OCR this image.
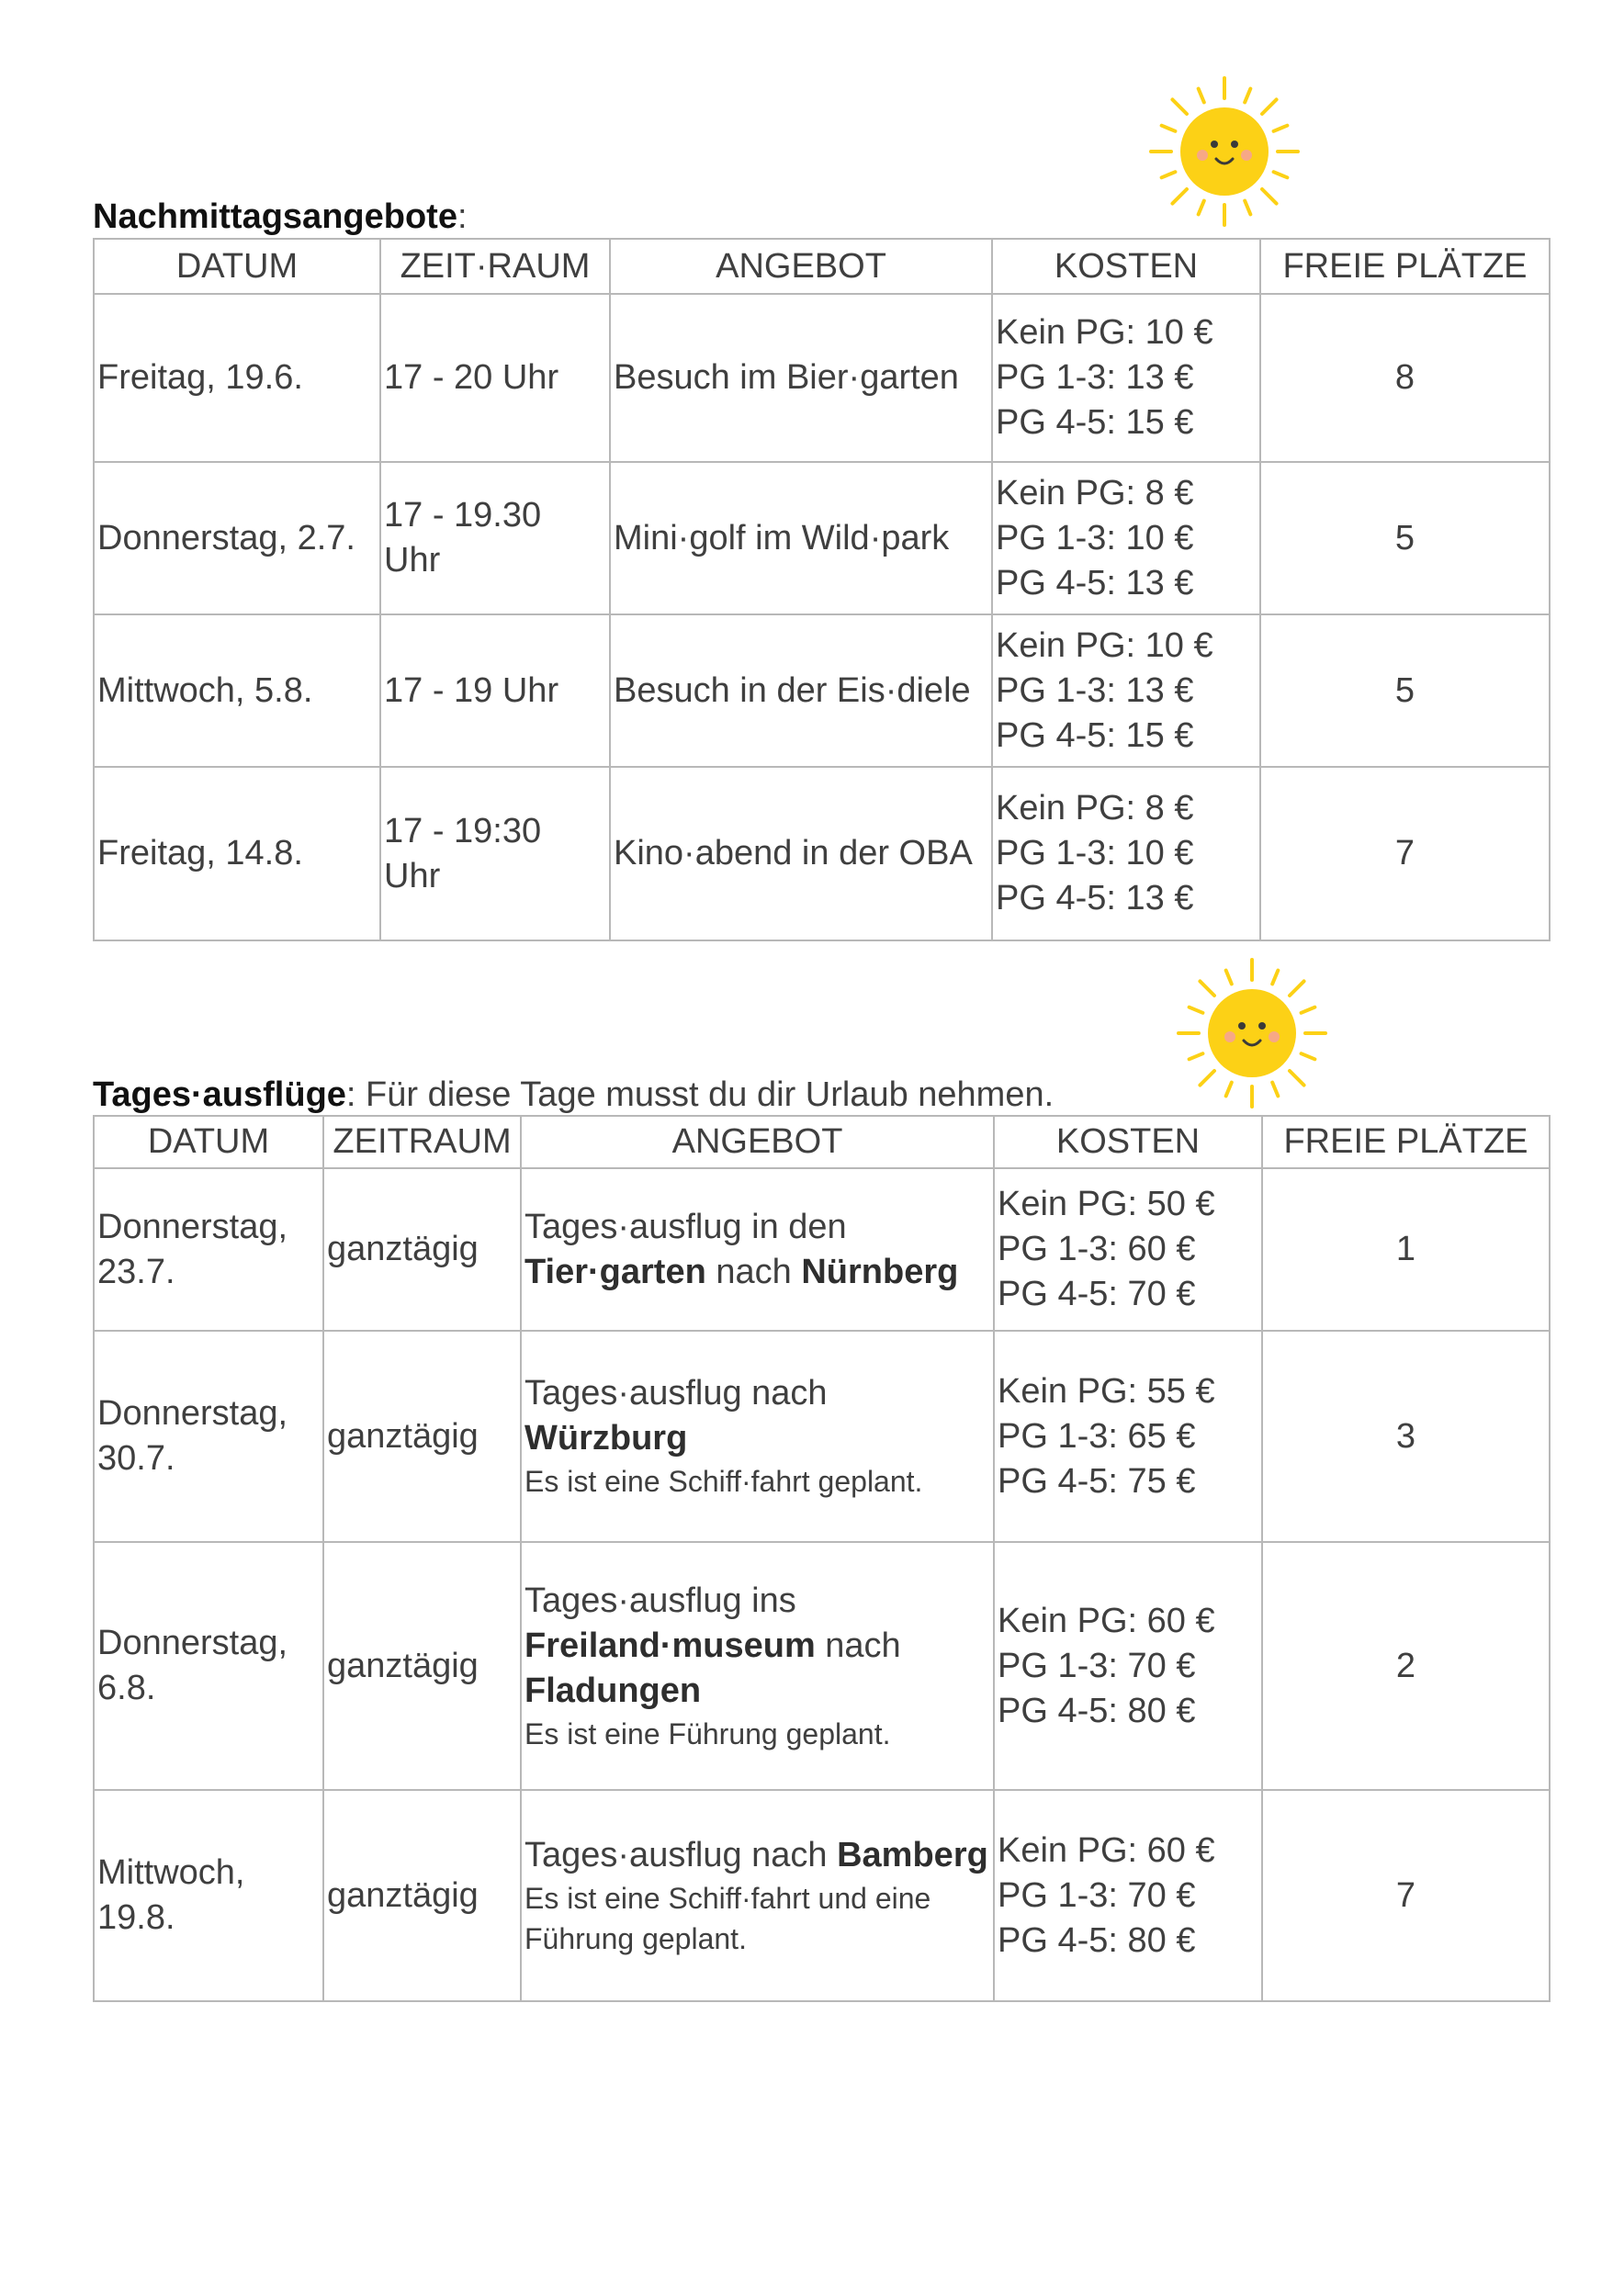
Nachmittagsangebote:
DATUM	ZEIT·RAUM	ANGEBOT	KOSTEN	FREIE PLÄTZE
Freitag, 19.6.	17 - 20 Uhr	Besuch im Bier·garten	Kein PG: 10 €
PG 1-3: 13 €
PG 4-5: 15 €	8
Donnerstag, 2.7.	17 - 19.30 Uhr	Mini·golf im Wild·park	Kein PG: 8 €
PG 1-3: 10 €
PG 4-5: 13 €	5
Mittwoch, 5.8.	17 - 19 Uhr	Besuch in der Eis·diele	Kein PG: 10 €
PG 1-3: 13 €
PG 4-5: 15 €	5
Freitag, 14.8.	17 - 19:30 Uhr	Kino·abend in der OBA	Kein PG: 8 €
PG 1-3: 10 €
PG 4-5: 13 €	7
Tages·ausflüge: Für diese Tage musst du dir Urlaub nehmen.
DATUM	ZEITRAUM	ANGEBOT	KOSTEN	FREIE PLÄTZE
Donnerstag, 23.7.	ganztägig	Tages·ausflug in den Tier·garten nach Nürnberg	Kein PG: 50 €
PG 1-3: 60 €
PG 4-5: 70 €	1
Donnerstag, 30.7.	ganztägig	Tages·ausflug nach Würzburg
Es ist eine Schiff·fahrt geplant.	Kein PG: 55 €
PG 1-3: 65 €
PG 4-5: 75 €	3
Donnerstag, 6.8.	ganztägig	Tages·ausflug ins Freiland·museum nach Fladungen
Es ist eine Führung geplant.	Kein PG: 60 €
PG 1-3: 70 €
PG 4-5: 80 €	2
Mittwoch, 19.8.	ganztägig	Tages·ausflug nach Bamberg
Es ist eine Schiff·fahrt und eine Führung geplant.	Kein PG: 60 €
PG 1-3: 70 €
PG 4-5: 80 €	7
